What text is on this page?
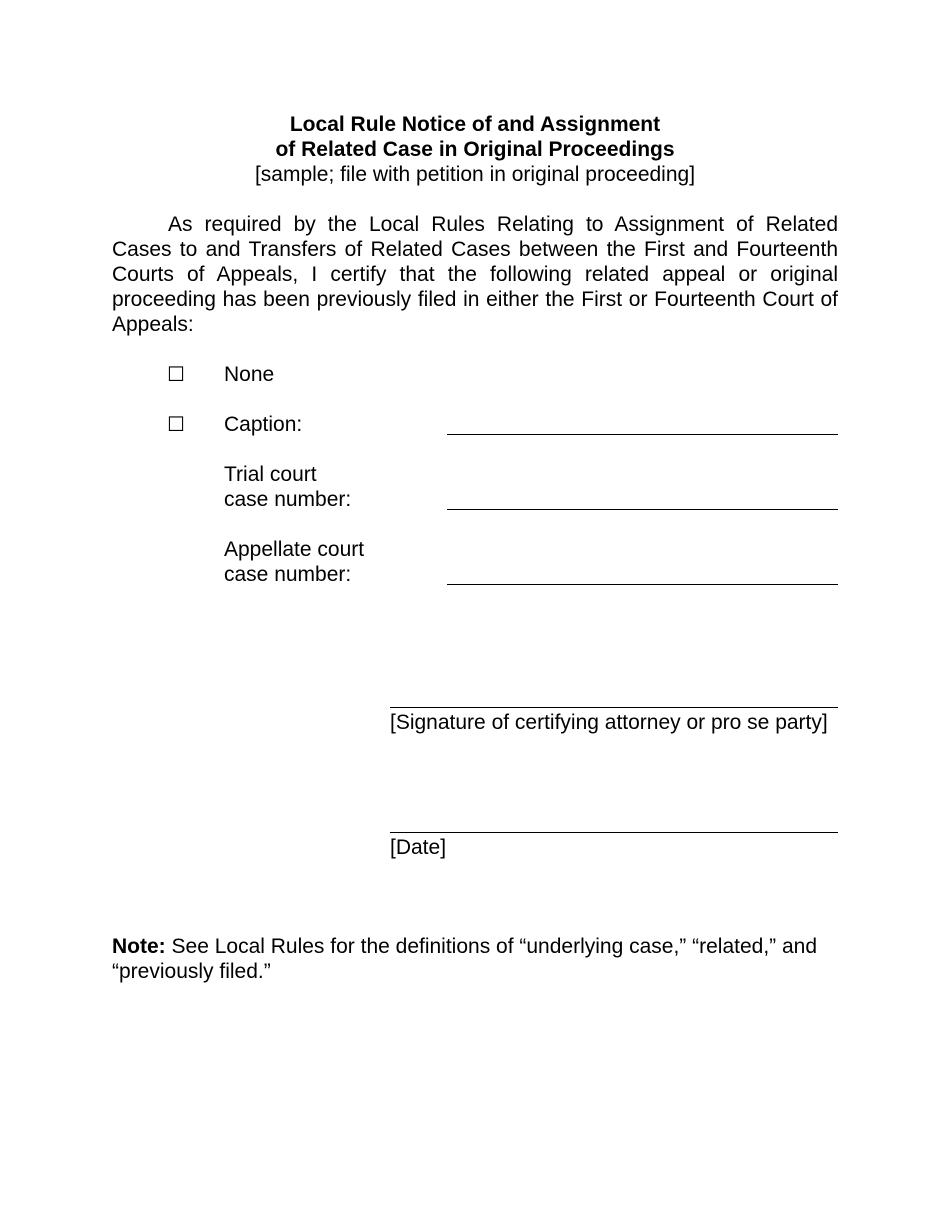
Local Rule Notice of and Assignment
of Related Case in Original Proceedings
[sample; file with petition in original proceeding]

As required by the Local Rules Relating to Assignment of Related Cases to and Transfers of Related Cases between the First and Fourteenth Courts of Appeals, I certify that the following related appeal or original proceeding has been previously filed in either the First or Fourteenth Court of Appeals:

☐ None
☐ Caption:
Trial court
case number:
Appellate court
case number:
[Signature of certifying attorney or pro se party]
[Date]

Note: See Local Rules for the definitions of “underlying case,” “related,” and “previously filed.”
